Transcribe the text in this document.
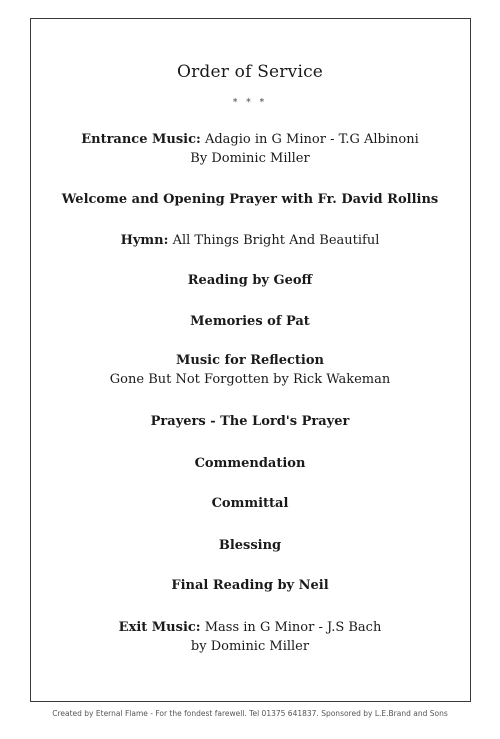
Order of Service
* * *
Entrance Music: Adagio in G Minor - T.G Albinoni
By Dominic Miller
Welcome and Opening Prayer with Fr. David Rollins
Hymn: All Things Bright And Beautiful
Reading by Geoff
Memories of Pat
Music for Reflection
Gone But Not Forgotten by Rick Wakeman
Prayers - The Lord's Prayer
Commendation
Committal
Blessing
Final Reading by Neil
Exit Music: Mass in G Minor - J.S Bach
by Dominic Miller
Created by Eternal Flame - For the fondest farewell. Tel 01375 641837. Sponsored by L.E.Brand and Sons
